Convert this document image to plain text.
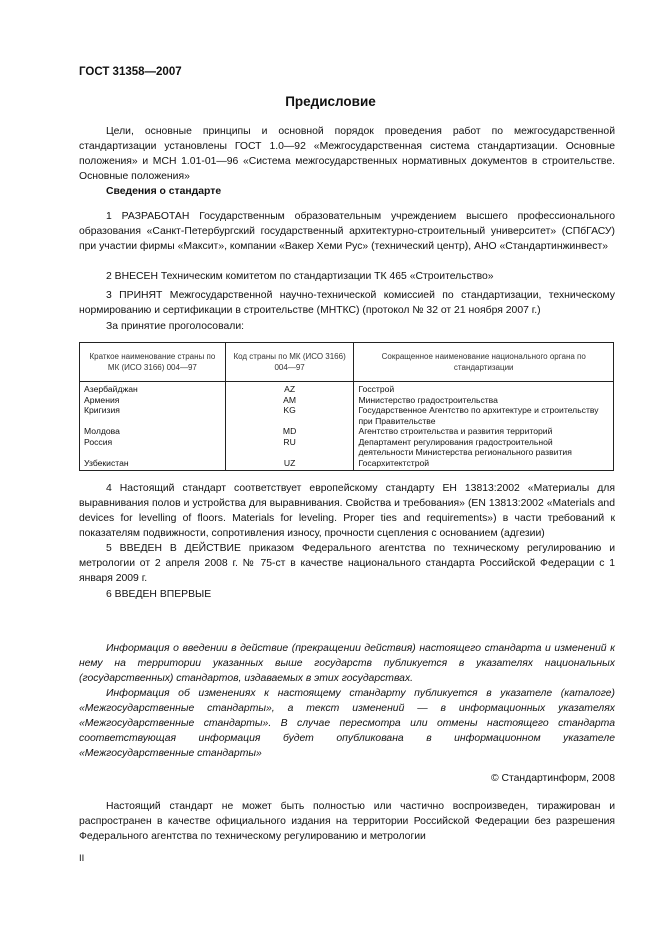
ГОСТ 31358—2007
Предисловие

Цели, основные принципы и основной порядок проведения работ по межгосударственной стандартизации установлены ГОСТ 1.0—92 «Межгосударственная система стандартизации. Основные положения» и МСН 1.01-01—96 «Система межгосударственных нормативных документов в строительстве. Основные положения»

Сведения о стандарте

1 РАЗРАБОТАН Государственным образовательным учреждением высшего профессионального образования «Санкт-Петербургский государственный архитектурно-строительный университет» (СПбГАСУ) при участии фирмы «Максит», компании «Вакер Хеми Рус» (технический центр), АНО «Стандартинжинвест»

2 ВНЕСЕН Техническим комитетом по стандартизации ТК 465 «Строительство»

3 ПРИНЯТ Межгосударственной научно-технической комиссией по стандартизации, техническому нормированию и сертификации в строительстве (МНТКС) (протокол № 32 от 21 ноября 2007 г.)

За принятие проголосовали:
Краткое наименование страны по МК (ИСО 3166) 004—97	Код страны по МК (ИСО 3166) 004—97	Сокращенное наименование национального органа по стандартизации
Азербайджан	AZ	Госстрой
Армения	AM	Министерство градостроительства
Кригизия	KG	Государственное Агентство по архитектуре и строительству при Правительстве
Молдова	MD	Агентство строительства и развития территорий
Россия	RU	Департамент регулирования градостроительной деятельности Министерства регионального развития
Узбекистан	UZ	Госархитектстрой

4 Настоящий стандарт соответствует европейскому стандарту ЕН 13813:2002 «Материалы для выравнивания полов и устройства для выравнивания. Свойства и требования» (EN 13813:2002 «Materials and devices for levelling of floors. Materials for leveling. Proper ties and requirements») в части требований к показателям подвижности, сопротивления износу, прочности сцепления с основанием (адгезии)

5 ВВЕДЕН В ДЕЙСТВИЕ приказом Федерального агентства по техническому регулированию и метрологии от 2 апреля 2008 г. № 75-ст в качестве национального стандарта Российской Федерации с 1 января 2009 г.

6 ВВЕДЕН ВПЕРВЫЕ

Информация о введении в действие (прекращении действия) настоящего стандарта и изменений к нему на территории указанных выше государств публикуется в указателях национальных (государственных) стандартов, издаваемых в этих государствах.

Информация об изменениях к настоящему стандарту публикуется в указателе (каталоге) «Межгосударственные стандарты», а текст изменений — в информационных указателях «Межгосударственные стандарты». В случае пересмотра или отмены настоящего стандарта соответствующая информация будет опубликована в информационном указателе «Межгосударственные стандарты»

© Стандартинформ, 2008

Настоящий стандарт не может быть полностью или частично воспроизведен, тиражирован и распространен в качестве официального издания на территории Российской Федерации без разрешения Федерального агентства по техническому регулированию и метрологии

II
